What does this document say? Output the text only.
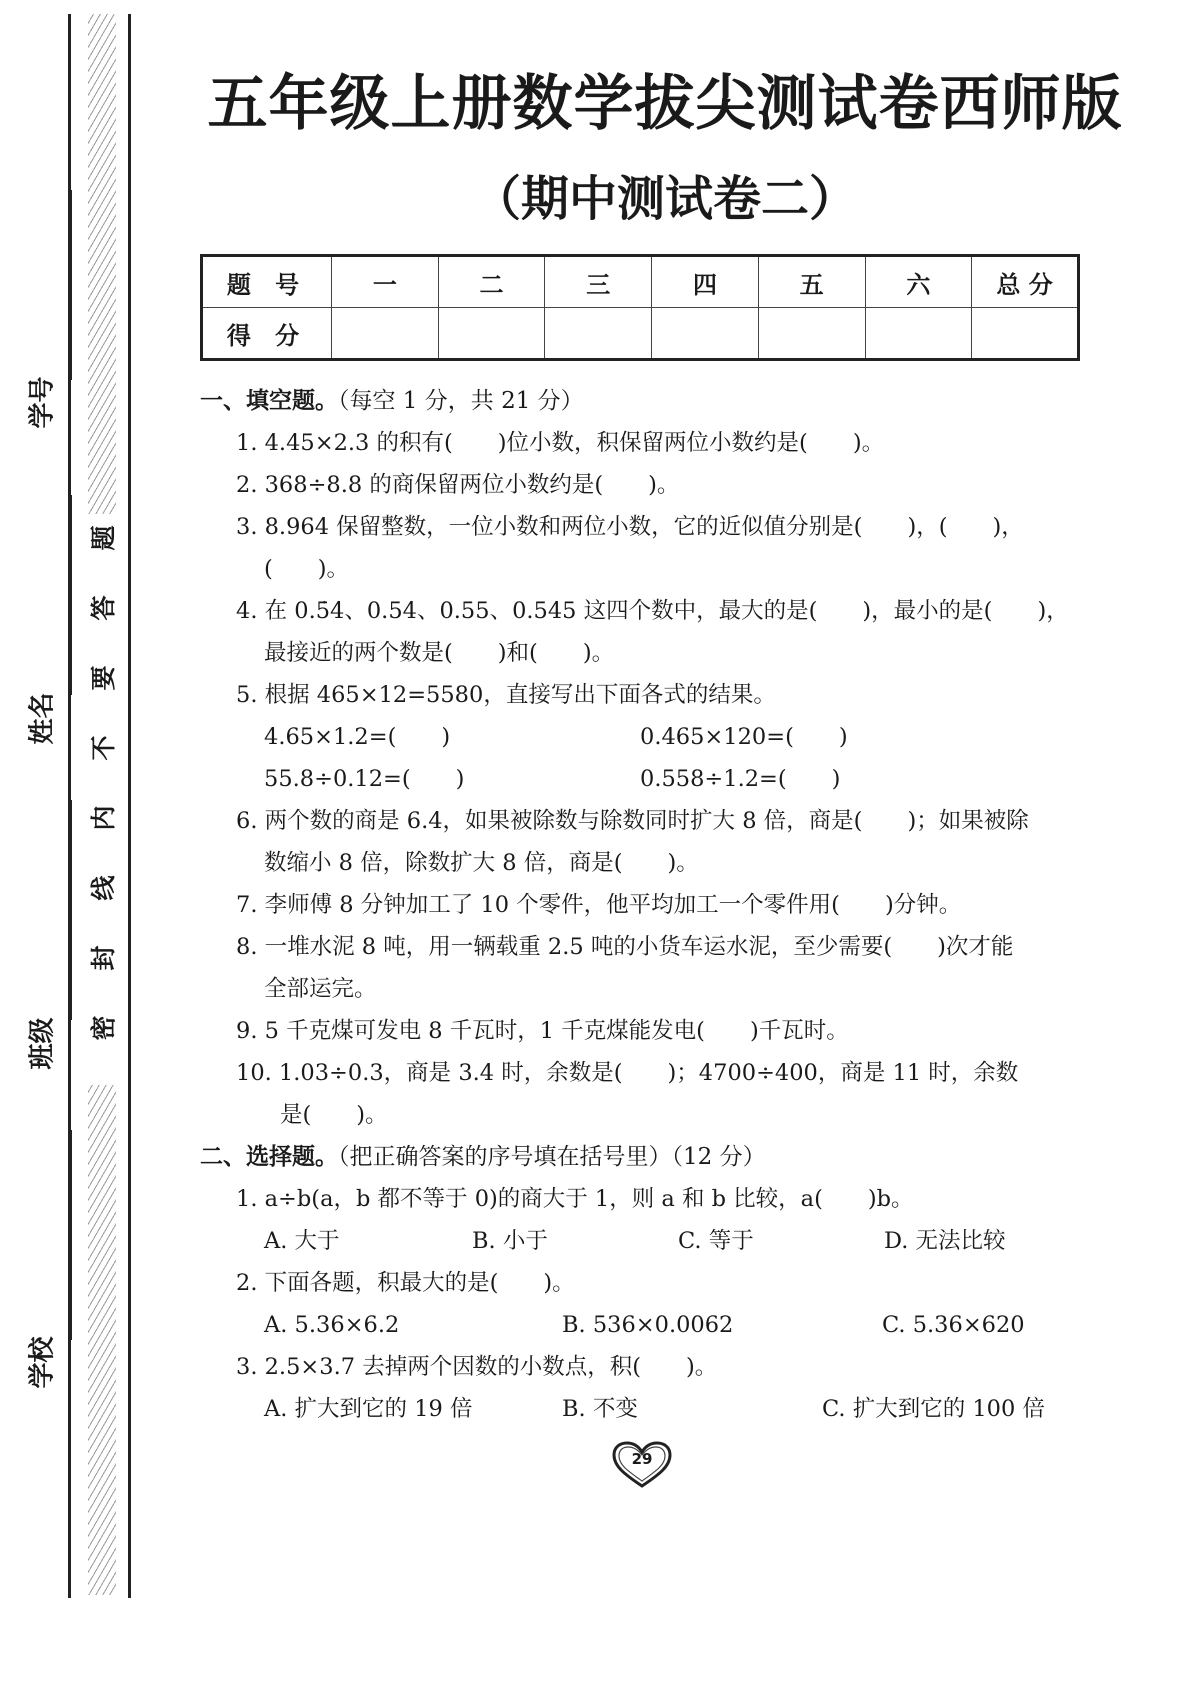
密
封
线
内
不
要
答
题
学号
姓名
班级
学校
五年级上册数学拔尖测试卷西师版
（期中测试卷二）
题 号	一	二	三	四	五	六	总 分
得 分							
一、填空题。（每空 1 分，共 21 分）
1. 4.45×2.3 的积有(　　)位小数，积保留两位小数约是(　　)。
2. 368÷8.8 的商保留两位小数约是(　　)。
3. 8.964 保留整数，一位小数和两位小数，它的近似值分别是(　　)，(　　)，
(　　)。
4. 在 0.5̇4̇、0.54̇、0.55、0.545 这四个数中，最大的是(　　)，最小的是(　　)，
最接近的两个数是(　　)和(　　)。
5. 根据 465×12=5580，直接写出下面各式的结果。
4.65×1.2=(　　)	0.465×120=(　　)
55.8÷0.12=(　　)	0.558÷1.2=(　　)
6. 两个数的商是 6.4，如果被除数与除数同时扩大 8 倍，商是(　　)；如果被除
数缩小 8 倍，除数扩大 8 倍，商是(　　)。
7. 李师傅 8 分钟加工了 10 个零件，他平均加工一个零件用(　　)分钟。
8. 一堆水泥 8 吨，用一辆载重 2.5 吨的小货车运水泥，至少需要(　　)次才能
全部运完。
9. 5 千克煤可发电 8 千瓦时，1 千克煤能发电(　　)千瓦时。
10. 1.03÷0.3，商是 3.4 时，余数是(　　)；4700÷400，商是 11 时，余数
是(　　)。
二、选择题。（把正确答案的序号填在括号里）（12 分）
1. a÷b(a，b 都不等于 0)的商大于 1，则 a 和 b 比较，a(　　)b。
A. 大于	B. 小于	C. 等于	D. 无法比较
2. 下面各题，积最大的是(　　)。
A. 5.36×6.2	B. 536×0.0062	C. 5.36×620
3. 2.5×3.7 去掉两个因数的小数点，积(　　)。
A. 扩大到它的 19 倍	B. 不变	C. 扩大到它的 100 倍
29
